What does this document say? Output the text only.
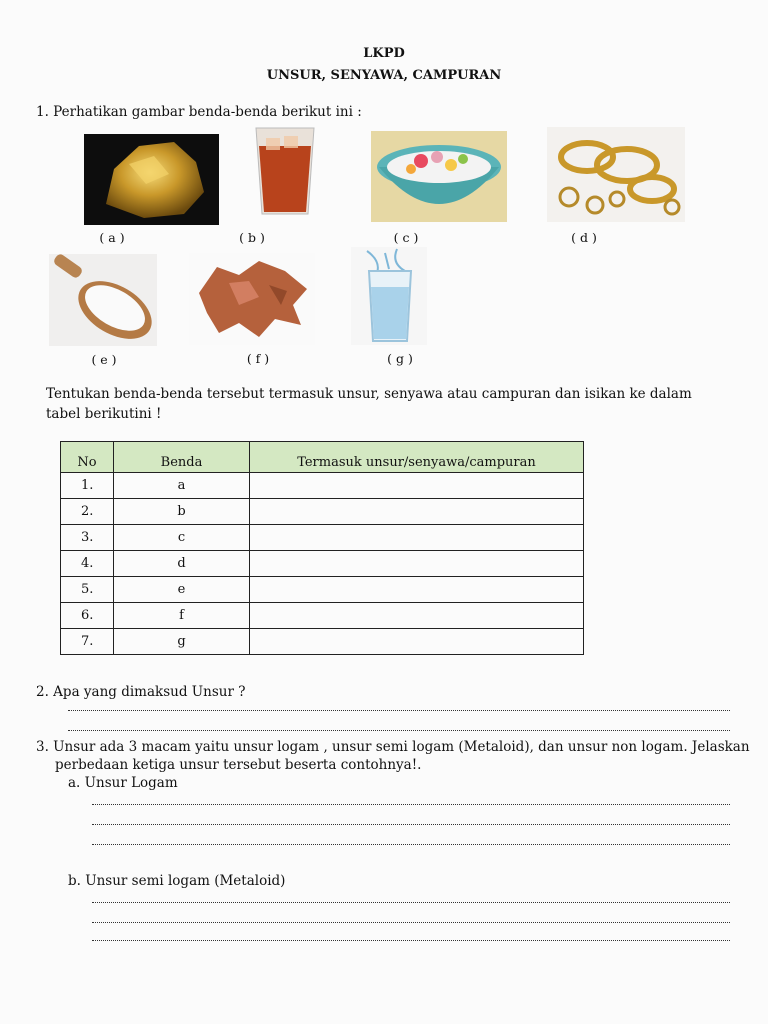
LKPD
UNSUR, SENYAWA, CAMPURAN
1. Perhatikan gambar benda-benda berikut ini :
( a )	( b )	( c )	( d )
( e )	( f )	( g )
Tentukan benda-benda tersebut termasuk unsur, senyawa atau campuran dan isikan ke dalam
tabel berikutini !
No	Benda	Termasuk unsur/senyawa/campuran
1.	a	
2.	b	
3.	c	
4.	d	
5.	e	
6.	f	
7.	g	
2. Apa yang dimaksud Unsur ?
3. Unsur ada 3 macam yaitu unsur logam , unsur semi logam (Metaloid), dan unsur non logam. Jelaskan
perbedaan ketiga unsur tersebut beserta contohnya!.
a. Unsur Logam
b. Unsur semi logam (Metaloid)
